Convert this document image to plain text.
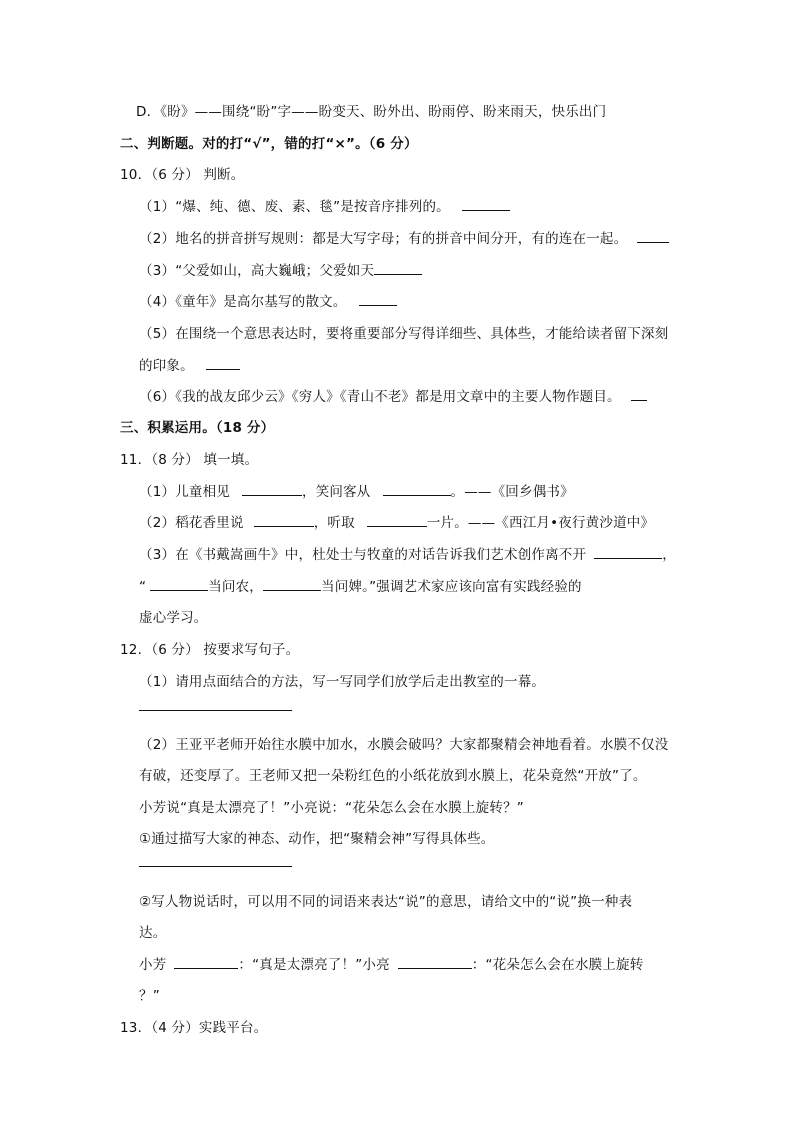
D．《盼》——围绕“盼”字——盼变天、盼外出、盼雨停、盼来雨天，快乐出门
二、判断题。对的打“√”，错的打“×”。（6 分）
10．（6 分） 判断。
（1）“爆、纯、德、废、素、毯”是按音序排列的。
（2）地名的拼音拼写规则：都是大写字母；有的拼音中间分开，有的连在一起。
（3）“父爱如山，高大巍峨；父爱如天
（4）《童年》是高尔基写的散文。
（5）在围绕一个意思表达时，要将重要部分写得详细些、具体些，才能给读者留下深刻
的印象。
（6）《我的战友邱少云》《穷人》《青山不老》都是用文章中的主要人物作题目。
三、积累运用。（18 分）
11．（8 分） 填一填。
（1）儿童相见	，笑问客从	。——《回乡偶书》
（2）稻花香里说	，听取	一片。——《西江月•夜行黄沙道中》
（3）在《书戴嵩画牛》中，杜处士与牧童的对话告诉我们艺术创作离不开	，
“	当问农，	当问婢。”强调艺术家应该向富有实践经验的
虚心学习。
12．（6 分） 按要求写句子。
（1）请用点面结合的方法，写一写同学们放学后走出教室的一幕。
（2）王亚平老师开始往水膜中加水，水膜会破吗？大家都聚精会神地看着。水膜不仅没
有破，还变厚了。王老师又把一朵粉红色的小纸花放到水膜上，花朵竟然“开放”了。
小芳说“真是太漂亮了！”小亮说：“花朵怎么会在水膜上旋转？”
①通过描写大家的神态、动作，把“聚精会神”写得具体些。
②写人物说话时，可以用不同的词语来表达“说”的意思，请给文中的“说”换一种表
达。
小芳	：“真是太漂亮了！”小亮	：“花朵怎么会在水膜上旋转
？”
13．（4 分）实践平台。
